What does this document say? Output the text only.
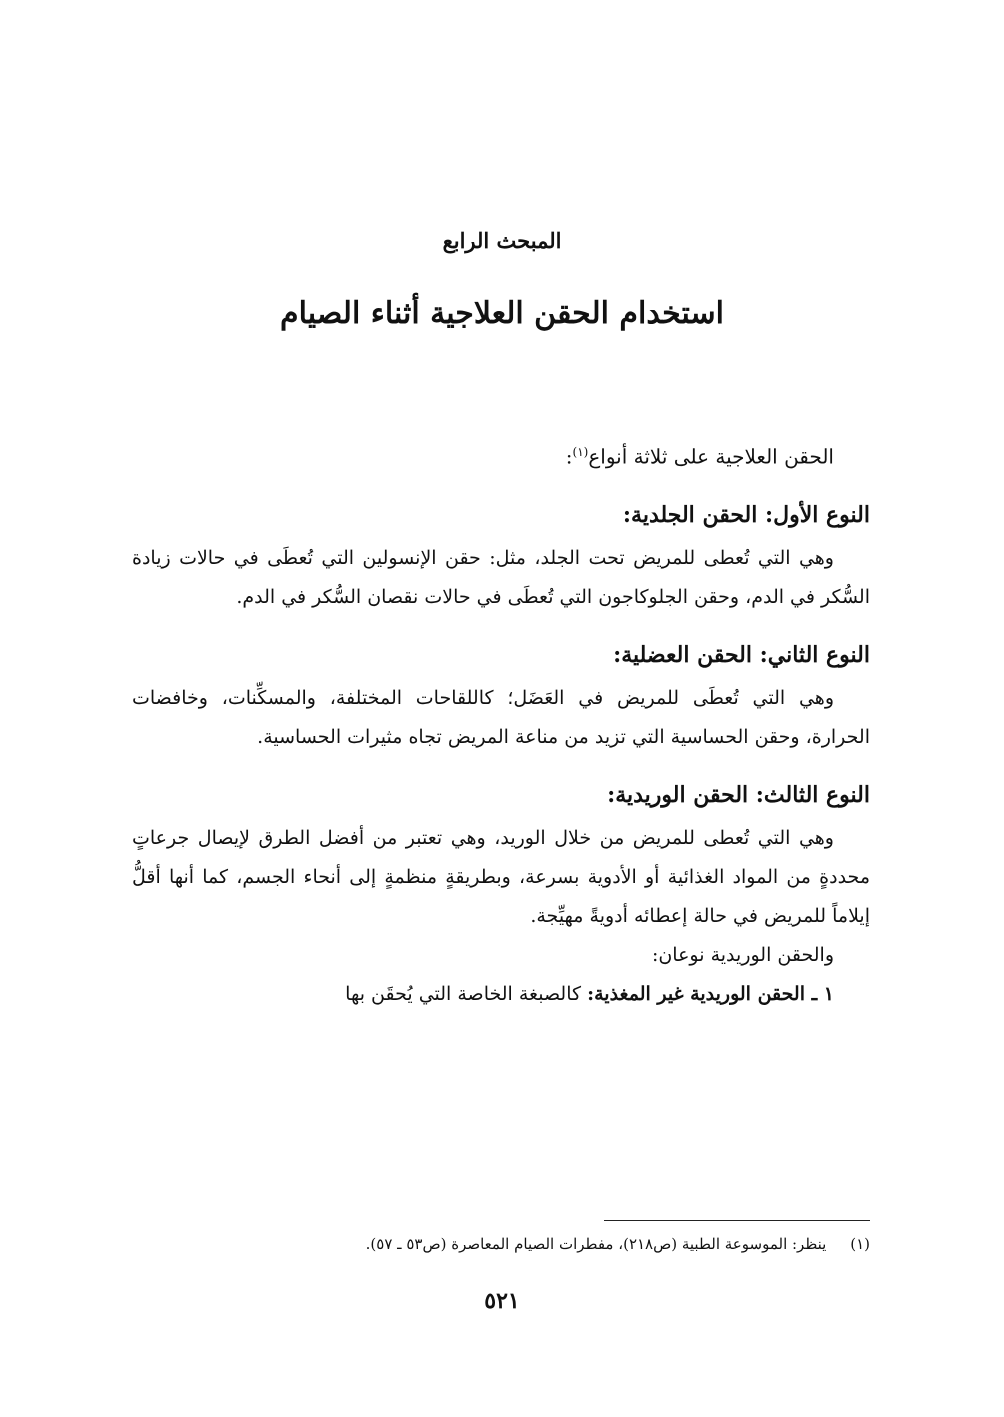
المبحث الرابع
استخدام الحقن العلاجية أثناء الصيام

الحقن العلاجية على ثلاثة أنواع$^{(١)}$:

النوع الأول: الحقن الجلدية:

وهي التي تُعطى للمريض تحت الجلد، مثل: حقن الإنسولين التي تُعطَى في حالات زيادة السُّكر في الدم، وحقن الجلوكاجون التي تُعطَى في حالات نقصان السُّكر في الدم.

النوع الثاني: الحقن العضلية:

وهي التي تُعطَى للمريض في العَضَل؛ كاللقاحات المختلفة، والمسكِّنات، وخافضات الحرارة، وحقن الحساسية التي تزيد من مناعة المريض تجاه مثيرات الحساسية.

النوع الثالث: الحقن الوريدية:

وهي التي تُعطى للمريض من خلال الوريد، وهي تعتبر من أفضل الطرق لإيصال جرعاتٍ محددةٍ من المواد الغذائية أو الأدوية بسرعة، وبطريقةٍ منظمةٍ إلى أنحاء الجسم، كما أنها أقلُّ إيلاماً للمريض في حالة إعطائه أدويةً مهيِّجة.

والحقن الوريدية نوعان:

١ ـ الحقن الوريدية غير المغذية: كالصبغة الخاصة التي يُحقَن بها

(١)     ينظر: الموسوعة الطبية (ص٢١٨)، مفطرات الصيام المعاصرة (ص٥٣ ـ ٥٧).
٥٢١
